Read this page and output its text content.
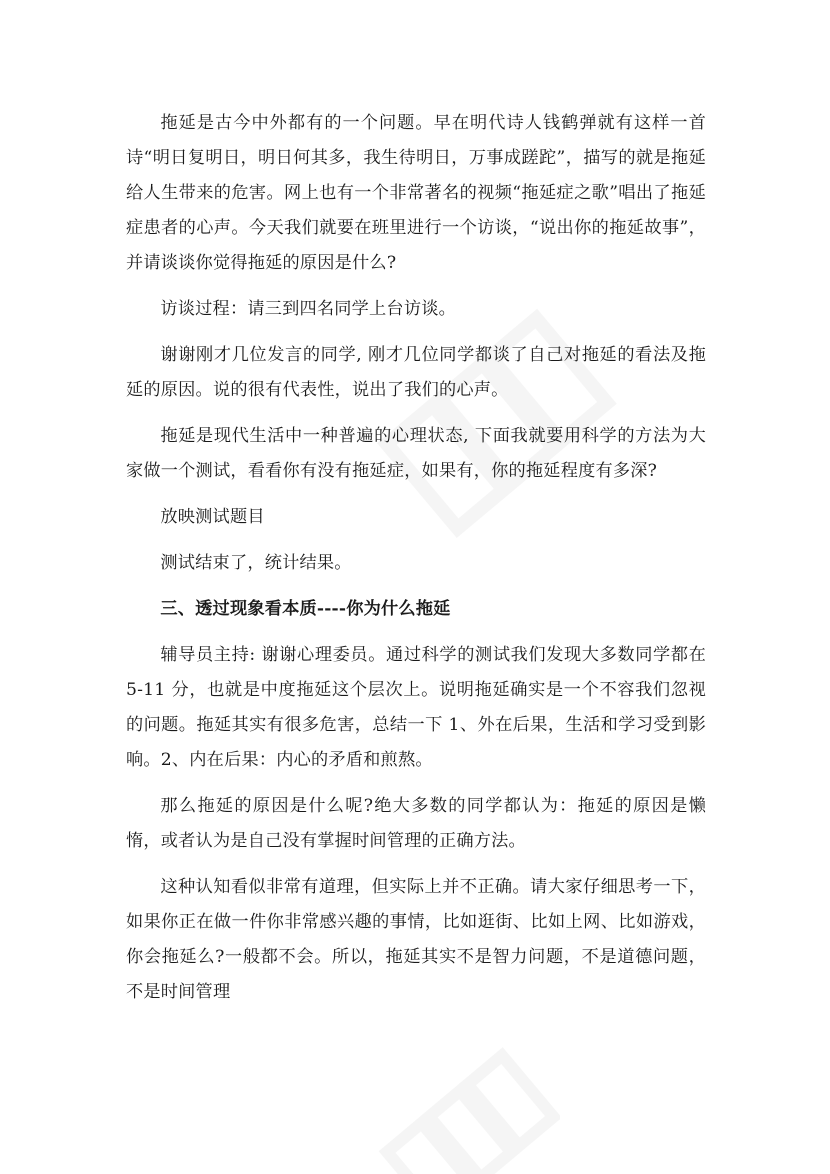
拖延是古今中外都有的一个问题。早在明代诗人钱鹤弹就有这样一首诗“明日复明日，明日何其多，我生待明日，万事成蹉跎”，描写的就是拖延给人生带来的危害。网上也有一个非常著名的视频“拖延症之歌”唱出了拖延症患者的心声。今天我们就要在班里进行一个访谈，“说出你的拖延故事”，并请谈谈你觉得拖延的原因是什么?

访谈过程：请三到四名同学上台访谈。

谢谢刚才几位发言的同学, 刚才几位同学都谈了自己对拖延的看法及拖延的原因。说的很有代表性，说出了我们的心声。

拖延是现代生活中一种普遍的心理状态, 下面我就要用科学的方法为大家做一个测试，看看你有没有拖延症，如果有，你的拖延程度有多深?

放映测试题目

测试结束了，统计结果。

三、透过现象看本质----你为什么拖延

辅导员主持: 谢谢心理委员。通过科学的测试我们发现大多数同学都在 5-11 分，也就是中度拖延这个层次上。说明拖延确实是一个不容我们忽视的问题。拖延其实有很多危害，总结一下 1、外在后果，生活和学习受到影响。2、内在后果：内心的矛盾和煎熬。

那么拖延的原因是什么呢?绝大多数的同学都认为：拖延的原因是懒惰，或者认为是自己没有掌握时间管理的正确方法。

这种认知看似非常有道理，但实际上并不正确。请大家仔细思考一下，如果你正在做一件你非常感兴趣的事情，比如逛街、比如上网、比如游戏，你会拖延么?一般都不会。所以，拖延其实不是智力问题，不是道德问题，不是时间管理
